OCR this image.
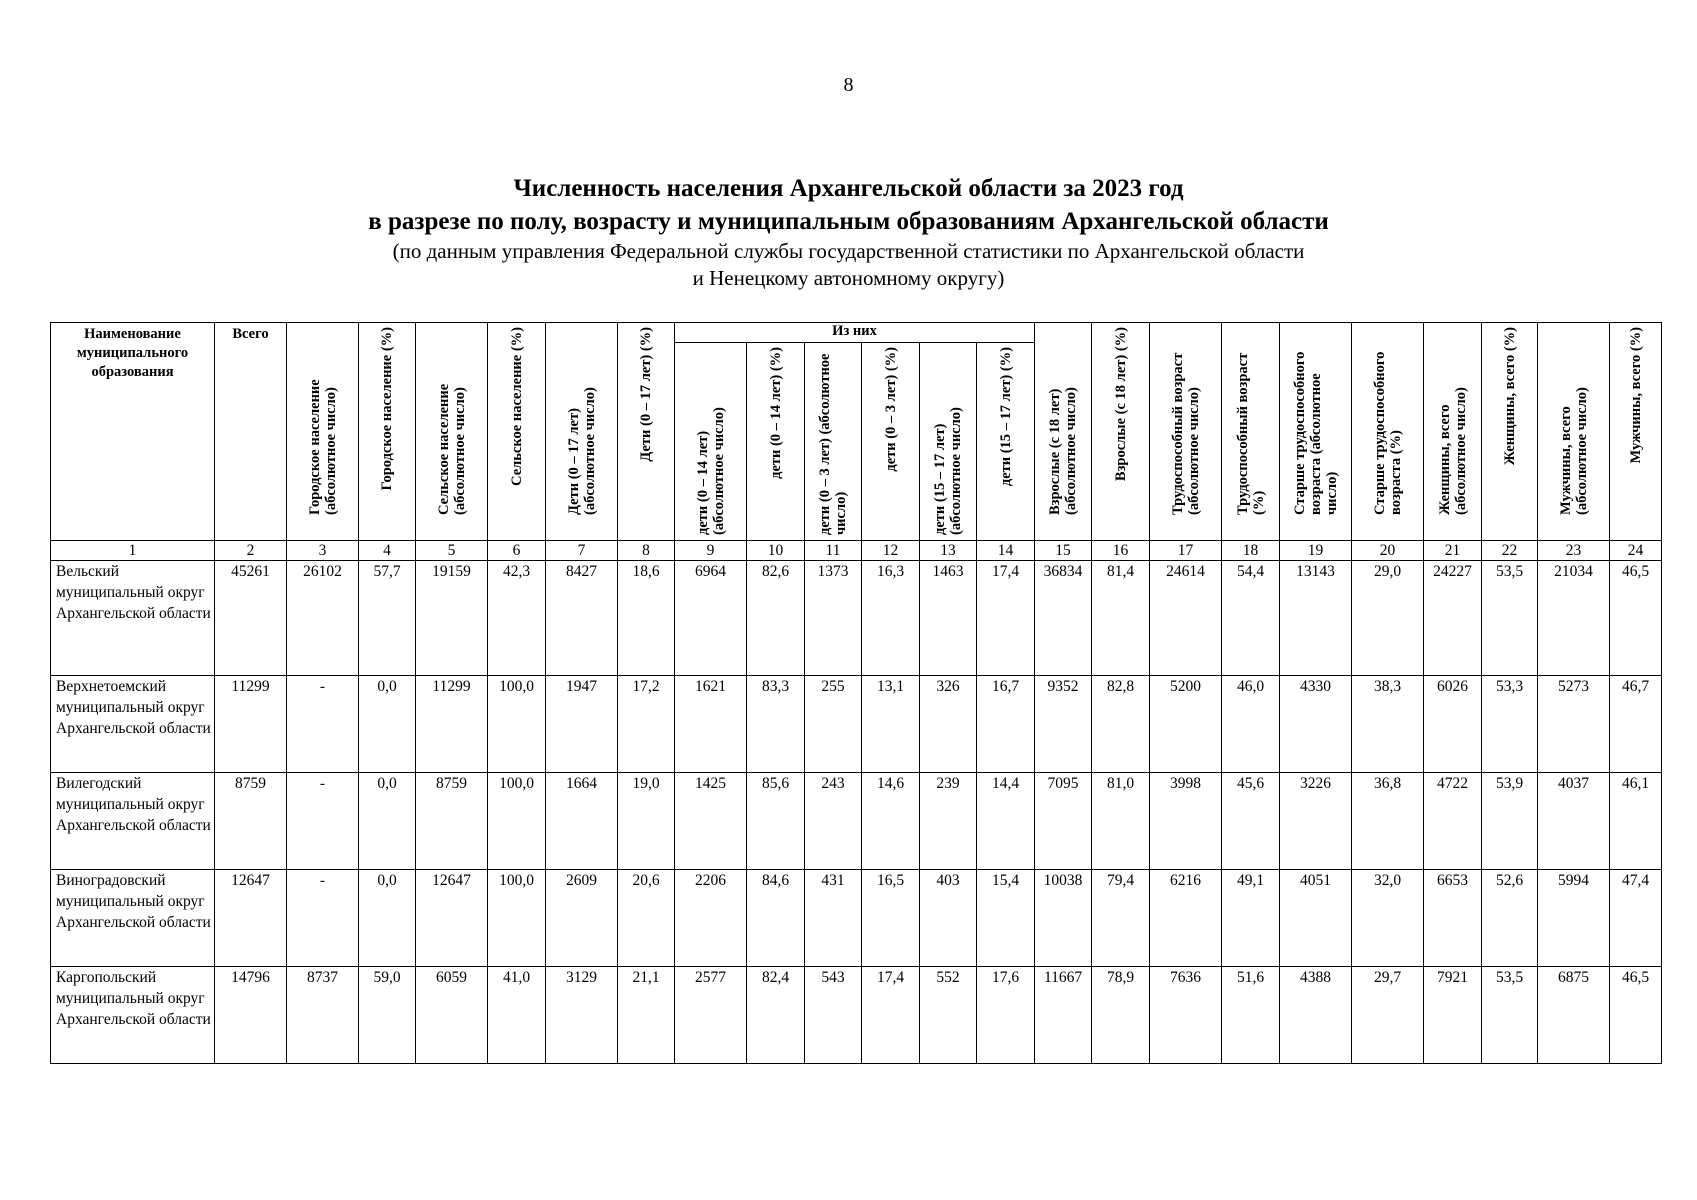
8
Численность населения Архангельской области за 2023 год
в разрезе по полу, возрасту и муниципальным образованиям Архангельской области
(по данным управления Федеральной службы государственной статистики по Архангельской области
и Ненецкому автономному округу)
Наименование муниципального образования	Всего	Городское население (абсолютное число)	Городское население (%)	Сельское население (абсолютное число)	Сельское население (%)	Дети (0 – 17 лет) (абсолютное число)	Дети (0 – 17 лет) (%)	Из них						Взрослые (с 18 лет) (абсолютное число)	Взрослые (с 18 лет) (%)	Трудоспособный возраст (абсолютное число)	Трудоспособный возраст (%)	Старше трудоспособного возраста (абсолютное число)	Старше трудоспособного возраста (%)	Женщины, всего (абсолютное число)	Женщины, всего (%)	Мужчины, всего (абсолютное число)	Мужчины, всего (%)
								дети (0 – 14 лет) (абсолютное число)	дети (0 – 14 лет) (%)	дети (0 – 3 лет) (абсолютное число)	дети (0 – 3 лет) (%)	дети (15 – 17 лет) (абсолютное число)	дети (15 – 17 лет) (%)										
1	2	3	4	5	6	7	8	9	10	11	12	13	14	15	16	17	18	19	20	21	22	23	24
Вельский муниципальный округ Архангельской области	45261	26102	57,7	19159	42,3	8427	18,6	6964	82,6	1373	16,3	1463	17,4	36834	81,4	24614	54,4	13143	29,0	24227	53,5	21034	46,5
Верхнетоемский муниципальный округ Архангельской области	11299	-	0,0	11299	100,0	1947	17,2	1621	83,3	255	13,1	326	16,7	9352	82,8	5200	46,0	4330	38,3	6026	53,3	5273	46,7
Вилегодский муниципальный округ Архангельской области	8759	-	0,0	8759	100,0	1664	19,0	1425	85,6	243	14,6	239	14,4	7095	81,0	3998	45,6	3226	36,8	4722	53,9	4037	46,1
Виноградовский муниципальный округ Архангельской области	12647	-	0,0	12647	100,0	2609	20,6	2206	84,6	431	16,5	403	15,4	10038	79,4	6216	49,1	4051	32,0	6653	52,6	5994	47,4
Каргопольский муниципальный округ Архангельской области	14796	8737	59,0	6059	41,0	3129	21,1	2577	82,4	543	17,4	552	17,6	11667	78,9	7636	51,6	4388	29,7	7921	53,5	6875	46,5
